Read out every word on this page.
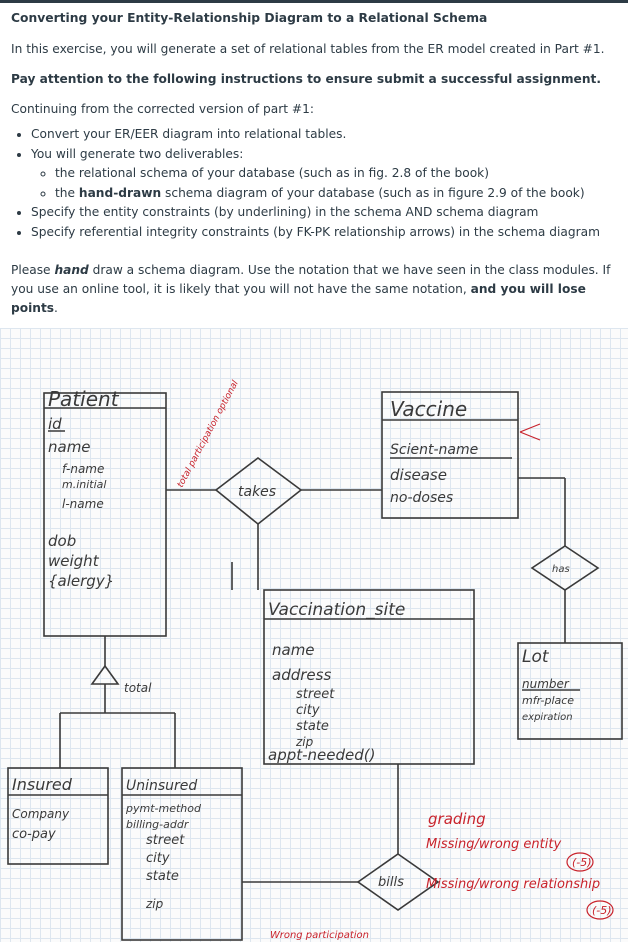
Converting your Entity-Relationship Diagram to a Relational Schema

In this exercise, you will generate a set of relational tables from the ER model created in Part #1.

Pay attention to the following instructions to ensure submit a successful assignment.

Continuing from the corrected version of part #1:

• Convert your ER/EER diagram into relational tables.
• You will generate two deliverables:
◦ the relational schema of your database (such as in fig. 2.8 of the book)
◦ the hand-drawn schema diagram of your database (such as in figure 2.9 of the book)
• Specify the entity constraints (by underlining) in the schema AND schema diagram
• Specify referential integrity constraints (by FK-PK relationship arrows) in the schema diagram

Please hand draw a schema diagram. Use the notation that we have seen in the class modules. If you use an online tool, it is likely that you will not have the same notation, and you will lose points.

Patient
id
name
f-name
m.initial
l-name
dob
weight
{alergy}
Vaccine
Scient-name
disease
no-doses
takes
has
Vaccination_site
name
address
street
city
state
zip
appt-needed()
Lot
number
mfr-place
expiration
total
Insured
Company
co-pay
Uninsured
pymt-method
billing-addr
street
city
state
zip
bills
total participation optional
grading
Missing/wrong entity
(-5)
Missing/wrong relationship
(-5)
Wrong participation
